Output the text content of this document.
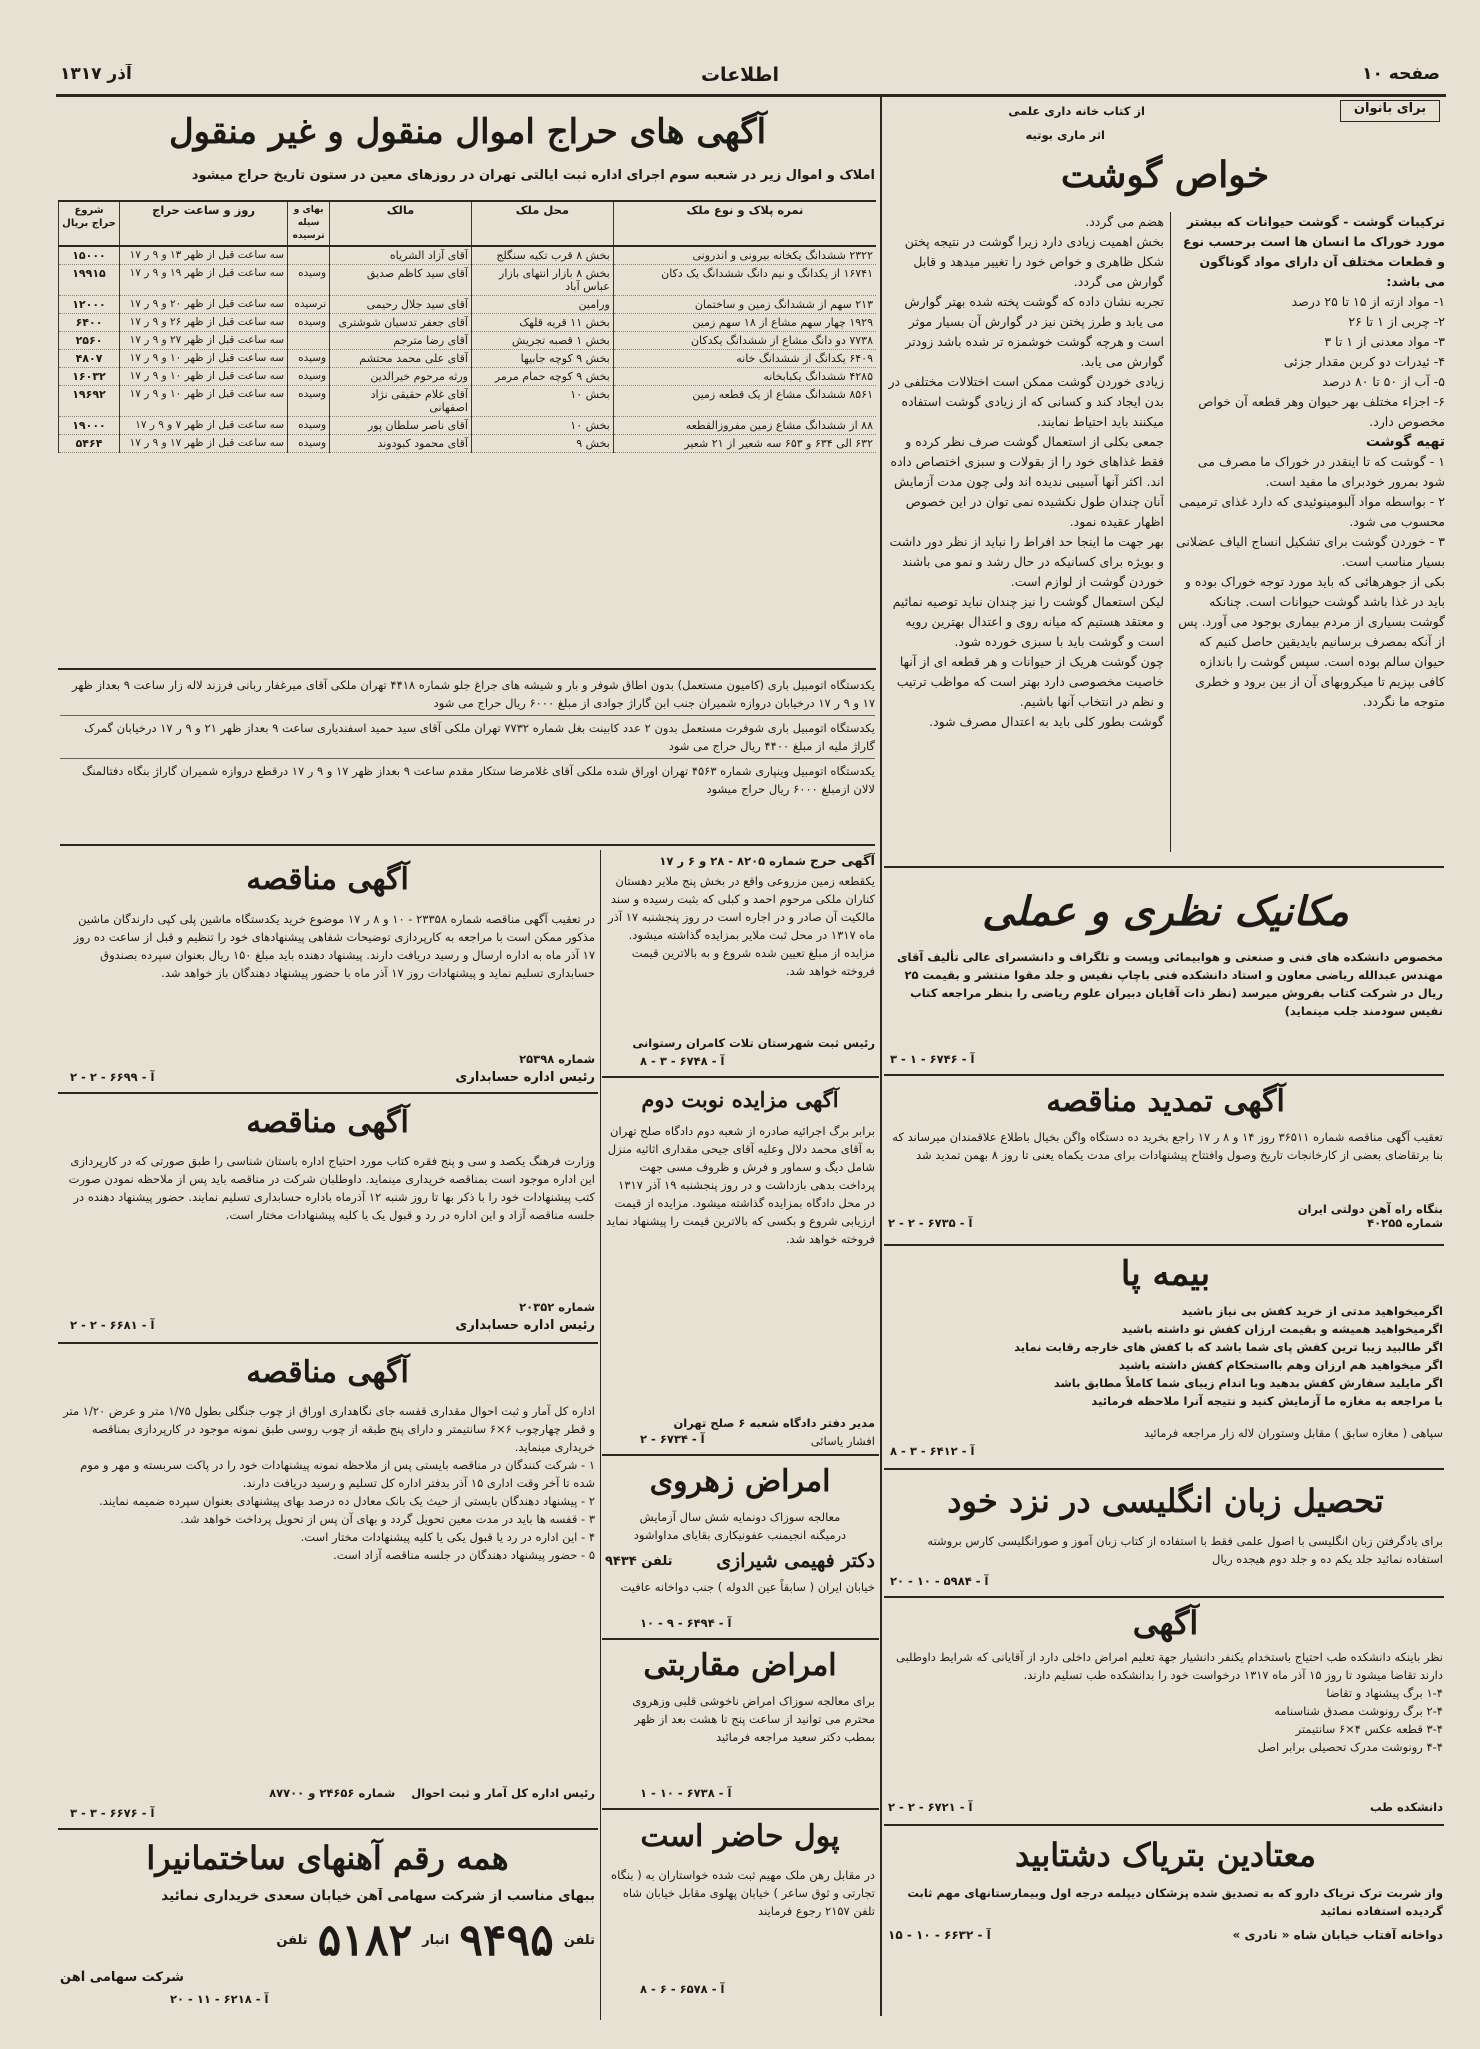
صفحه ۱۰
اطلاعات
آذر ۱۳۱۷
برای بانوان
از کتاب خانه داری علمی
اثر ماری بوتیه
خواص گوشت

ترکیبات گوشت - گوشت حیوانات که بیشتر مورد خوراک ما انسان ها است برحسب نوع و قطعات مختلف آن دارای مواد گوناگون می باشد:

۱- مواد ازته از ۱۵ تا ۲۵ درصد

۲- چربی از ۱ تا ۲۶

۳- مواد معدنی از ۱ تا ۳

۴- ئیدرات دو کربن مقدار جزئی

۵- آب از ۵۰ تا ۸۰ درصد

۶- اجزاء مختلف بهر حیوان وهر قطعه آن خواص مخصوص دارد.

تهیه گوشت

۱ - گوشت که تا اینقدر در خوراک ما مصرف می شود بمرور خودبرای ما مفید است.

۲ - بواسطه مواد آلبومینوئیدی که دارد غذای ترمیمی محسوب می شود.

۳ - خوردن گوشت برای تشکیل انساج الیاف عضلانی بسیار مناسب است.

بکی از جوهرهائی که باید مورد توجه خوراک بوده و باید در غذا باشد گوشت حیوانات است. چنانکه گوشت بسیاری از مردم بیماری بوجود می آورد. پس از آنکه بمصرف برسانیم بایدیقین حاصل کنیم که حیوان سالم بوده است. سپس گوشت را باندازه کافی بپزیم تا میکروبهای آن از بین برود و خطری متوجه ما نگردد.

هضم می گردد.

بخش اهمیت زیادی دارد زیرا گوشت در نتیجه پختن شکل ظاهری و خواص خود را تغییر میدهد و قابل گوارش می گردد.

تجربه نشان داده که گوشت پخته شده بهتر گوارش می یابد و طرز پختن نیز در گوارش آن بسیار موثر است و هرچه گوشت خوشمزه تر شده باشد زودتر گوارش می یابد.

زیادی خوردن گوشت ممکن است اختلالات مختلفی در بدن ایجاد کند و کسانی که از زیادی گوشت استفاده میکنند باید احتیاط نمایند.

جمعی بکلی از استعمال گوشت صرف نظر کرده و فقط غذاهای خود را از بقولات و سبزی اختصاص داده اند. اکثر آنها آسیبی ندیده اند ولی چون مدت آزمایش آنان چندان طول نکشیده نمی توان در این خصوص اظهار عقیده نمود.

بهر جهت ما اینجا حد افراط را نباید از نظر دور داشت و بویژه برای کسانیکه در حال رشد و نمو می باشند خوردن گوشت از لوازم است.

لیکن استعمال گوشت را نیز چندان نباید توصیه نمائیم و معتقد هستیم که میانه روی و اعتدال بهترین رویه است و گوشت باید با سبزی خورده شود.

چون گوشت هریک از حیوانات و هر قطعه ای از آنها خاصیت مخصوصی دارد بهتر است که مواظب ترتیب و نظم در انتخاب آنها باشیم.

گوشت بطور کلی باید به اعتدال مصرف شود.

آگهی های حراج اموال منقول و غیر منقول
املاک و اموال زیر در شعبه سوم اجرای اداره ثبت ایالتی تهران در روزهای معین در ستون تاریخ حراج میشود
نمره پلاک و نوع ملک	محل ملک	مالک	بهای و سیله ترسیده	روز و ساعت حراج	شروع حراج بریال
۲۳۲۲ ششدانگ یکخانه بیرونی و اندرونی	بخش ۸ قرب تکیه سنگلج	آقای آزاد الشریاه		سه ساعت قبل از ظهر ۱۳ و ۹ ر ۱۷	۱۵۰۰۰
۱۶۷۴۱ از یکدانگ و نیم دانگ ششدانگ یک دکان	بخش ۸ بازار انتهای بازار عباس آباد	آقای سید کاظم صدیق	وسیده	سه ساعت قبل از ظهر ۱۹ و ۹ ر ۱۷	۱۹۹۱۵
۲۱۳ سهم از ششدانگ زمین و ساختمان	ورامین	آقای سید جلال رحیمی	نرسیده	سه ساعت قبل از ظهر ۲۰ و ۹ ر ۱۷	۱۲۰۰۰
۱۹۲۹ چهار سهم مشاع از ۱۸ سهم زمین	بخش ۱۱ قریه قلهک	آقای جعفر تدسیان شوشتری	وسیده	سه ساعت قبل از ظهر ۲۶ و ۹ ر ۱۷	۶۴۰۰
۷۷۳۸ دو دانگ مشاع از ششدانگ یکدکان	بخش ۱ قصبه تجریش	آقای رضا مترجم		سه ساعت قبل از ظهر ۲۷ و ۹ ر ۱۷	۲۵۶۰
۶۴۰۹ یکدانگ از ششدانگ خانه	بخش ۹ کوچه جابیها	آقای علی محمد محتشم	وسیده	سه ساعت قبل از ظهر ۱۰ و ۹ ر ۱۷	۴۸۰۷
۴۲۸۵ ششدانگ یکبابخانه	بخش ۹ کوچه حمام مرمر	ورثه مرحوم خیرالدین	وسیده	سه ساعت قبل از ظهر ۱۰ و ۹ ر ۱۷	۱۶۰۳۲
۸۵۶۱ ششدانگ مشاع از یک قطعه زمین	بخش ۱۰	آقای غلام حقیقی نژاد اصفهانی	وسیده	سه ساعت قبل از ظهر ۱۰ و ۹ ر ۱۷	۱۹۶۹۲
۸۸ از ششدانگ مشاع زمین مفروزالقطعه	بخش ۱۰	آقای ناصر سلطان پور	وسیده	سه ساعت قبل از ظهر ۷ و ۹ ر ۱۷	۱۹۰۰۰
۶۳۲ الی ۶۳۴ و ۶۵۳ سه شعیر از ۲۱ شعیر	بخش ۹	آقای محمود کبودوند	وسیده	سه ساعت قبل از ظهر ۱۷ و ۹ ر ۱۷	۵۴۶۴

یکدستگاه اتومبیل باری (کامیون مستعمل) بدون اطاق شوفر و بار و شیشه های جراغ جلو شماره ۴۴۱۸ تهران ملکی آقای میرغفار ربانی فرزند لاله زار ساعت ۹ بعداز ظهر ۱۷ و ۹ ر ۱۷ درخیابان دروازه شمیران جنب ابن گاراژ جوادی از مبلغ ۶۰۰۰ ریال حراج می شود

یکدستگاه اتومبیل باری شوفرت مستعمل بدون ۲ عدد کابینت بغل شماره ۷۷۳۲ تهران ملکی آقای سید حمید اسفندیاری ساعت ۹ بعداز ظهر ۲۱ و ۹ ر ۱۷ درخیابان گمرک گاراژ ملیه از مبلغ ۴۴۰۰ ریال حراج می شود

یکدستگاه اتومبیل وینپاری شماره ۴۵۶۳ تهران اوراق شده ملکی آقای غلامرضا ستکار مقدم ساعت ۹ بعداز ظهر ۱۷ و ۹ ر ۱۷ درقطع دروازه شمیران گاراژ بنگاه دفتالمنگ لالان ازمبلغ ۶۰۰۰ ریال حراج میشود

آگهی مناقصه
در تعقیب آگهی مناقصه شماره ۲۳۳۵۸ - ۱۰ و ۸ ر ۱۷ موضوع خرید یکدستگاه ماشین پلی کپی دارندگان ماشین مذکور ممکن است با مراجعه به کارپردازی توضیحات شفاهی پیشنهادهای خود را تنظیم و قبل از ساعت ده روز ۱۷ آذر ماه به اداره ارسال و رسید دریافت دارند. پیشنهاد دهنده باید مبلغ ۱۵۰ ریال بعنوان سپرده بصندوق حسابداری تسلیم نماید و پیشنهادات روز ۱۷ آذر ماه با حضور پیشنهاد دهندگان باز خواهد شد.
شماره ۲۵۳۹۸
رئیس اداره حسابداری
آ - ۶۶۹۹ - ۲ - ۲
آگهی مناقصه
وزارت فرهنگ یکصد و سی و پنج فقره کتاب مورد احتیاج اداره باستان شناسی را طبق صورتی که در کارپردازی این اداره موجود است بمناقصه خریداری مینماید. داوطلبان شرکت در مناقصه باید پس از ملاحظه نمودن صورت کتب پیشنهادات خود را با ذکر بها تا روز شنبه ۱۲ آذرماه باداره حسابداری تسلیم نمایند. حضور پیشنهاد دهنده در جلسه مناقصه آزاد و این اداره در رد و قبول یک یا کلیه پیشنهادات مختار است.
شماره ۲۰۳۵۲
رئیس اداره حسابداری
آ - ۶۶۸۱ - ۲ - ۲
آگهی مناقصه

اداره کل آمار و ثبت احوال مقداری قفسه جای نگاهداری اوراق از چوب جنگلی بطول ۱/۷۵ متر و عرض ۱/۲۰ متر و قطر چهارچوب ۶×۶ سانتیمتر و دارای پنج طبقه از چوب روسی طبق نمونه موجود در کارپردازی بمناقصه خریداری مینماید.

۱ - شرکت کنندگان در مناقصه بایستی پس از ملاحظه نمونه پیشنهادات خود را در پاکت سربسته و مهر و موم شده تا آخر وقت اداری ۱۵ آذر بدفتر اداره کل تسلیم و رسید دریافت دارند.

۲ - پیشنهاد دهندگان بایستی از حیث یک بانک معادل ده درصد بهای پیشنهادی بعنوان سپرده ضمیمه نمایند.

۳ - قفسه ها باید در مدت معین تحویل گردد و بهای آن پس از تحویل پرداخت خواهد شد.

۴ - این اداره در رد یا قبول یکی یا کلیه پیشنهادات مختار است.

۵ - حضور پیشنهاد دهندگان در جلسه مناقصه آزاد است.

رئیس اداره کل آمار و ثبت احوال    شماره ۲۴۶۵۶ و ۸۷۷۰۰
آ - ۶۶۷۶ - ۳ - ۳
همه رقم آهنهای ساختمانیرا
ببهای مناسب از شرکت سهامی آهن خیابان سعدی خریداری نمائید
تلفن
۹۴۹۵
انبار
۵۱۸۲
تلفن
شرکت سهامی آهن
آ - ۶۲۱۸ - ۱۱ - ۲۰
آگهی حرج شماره ۸۲۰۵ - ۲۸ و ۶ ر ۱۷
یکقطعه زمین مزروعی واقع در بخش پنج ملایر دهستان کناران ملکی مرحوم احمد و کبلی که بثبت رسیده و سند مالکیت آن صادر و در اجاره است در روز پنجشنبه ۱۷ آذر ماه ۱۳۱۷ در محل ثبت ملایر بمزایده گذاشته میشود. مزایده از مبلغ تعیین شده شروع و به بالاترین قیمت فروخته خواهد شد.
رئیس ثبت شهرستان تلات کامران رستوانی
آ - ۶۷۴۸ - ۳ - ۸
آگهی مزایده نوبت دوم
برابر برگ اجرائیه صادره از شعبه دوم دادگاه صلح تهران به آقای محمد دلال وعلیه آقای جیحی مقداری اثاثیه منزل شامل دیگ و سماور و فرش و ظروف مسی جهت پرداخت بدهی بازداشت و در روز پنجشنبه ۱۹ آذر ۱۳۱۷ در محل دادگاه بمزایده گذاشته میشود. مزایده از قیمت ارزیابی شروع و بکسی که بالاترین قیمت را پیشنهاد نماید فروخته خواهد شد.
مدیر دفتر دادگاه شعبه ۶ صلح تهران
افشار یاسائی
آ - ۶۷۳۴ - ۲
امراض زهروی
معالجه سوزاک دونمایه شش سال آزمایش
درمیگنه انجیمنب عفونیکاری بقایای مداواشود
دکتر فهیمی شیرازی
تلفن ۹۴۳۴
خیابان ایران ( سابقاً عین الدوله ) جنب دواخانه عافیت
آ - ۶۴۹۴ - ۹ - ۱۰
امراض مقاربتی
برای معالجه سوزاک امراض ناخوشی قلبی وزهروی محترم می توانید از ساعت پنج تا هشت بعد از ظهر بمطب دکتر سعید مراجعه فرمائید
آ - ۶۷۳۸ - ۱۰ - ۱
پول حاضر است
در مقابل رهن ملک مهیم ثبت شده خواستاران به ( بنگاه تجارتی و ثوق ساعر ) خیابان پهلوی مقابل خیابان شاه تلفن ۲۱۵۷ رجوع فرمایند
آ - ۶۵۷۸ - ۶ - ۸
مکانیک نظری و عملی
مخصوص دانشکده های فنی و صنعتی و هوابیمائی وپست و تلگراف و دانشسرای عالی تألیف آقای مهندس عبدالله ریاضی معاون و استاد دانشکده فنی باچاپ نفیس و جلد مقوا منتشر و بقیمت ۲۵ ریال در شرکت کتاب بفروش میرسد (نظر ذات آقایان دبیران علوم ریاضی را بنظر مراجعه کتاب نفیس سودمند جلب مینماید)
آ - ۶۷۴۶ - ۱ - ۳
آگهی تمدید مناقصه
تعقیب آگهی مناقصه شماره ۳۶۵۱۱ روز ۱۴ و ۸ ر ۱۷ راجع بخرید ده دستگاه واگن بخیال باطلاع علاقمندان میرساند که بنا برتقاضای بعضی از کارخانجات تاریخ وصول وافتتاح پیشنهادات برای مدت یکماه یعنی تا روز ۸ بهمن تمدید شد
بنگاه راه آهن دولتی ایران
شماره ۴۰۲۵۵
آ - ۶۷۳۵ - ۲ - ۲
بیمه پا

اگرمیخواهید مدتی از خرید کفش بی نیاز باشید

اگرمیخواهید همیشه و بقیمت ارزان کفش نو داشته باشید

اگر طالبید زیبا ترین کفش پای شما باشد که با کفش های خارجه رقابت نماید

اگر میخواهید هم ارزان وهم بااستحکام کفش داشته باشید

اگر مایلید سفارش کفش بدهید وبا اندام زیبای شما کاملاً مطابق باشد

با مراجعه به مغازه ما آزمایش کنید و نتیجه آنرا ملاحظه فرمائید

سپاهی ( مغازه سابق ) مقابل وستوران لاله زار مراجعه فرمائید
آ - ۶۴۱۲ - ۳ - ۸
تحصیل زبان انگلیسی در نزد خود
برای یادگرفتن زبان انگلیسی با اصول علمی فقط با استفاده از کتاب زبان آموز و صورانگلیسی کارس بروشته استفاده نمائید جلد یکم ده و جلد دوم هیجده ریال
آ - ۵۹۸۴ - ۱۰ - ۲۰
آگهی

نظر باینکه دانشکده طب احتیاج باستخدام یکنفر دانشیار جهة تعلیم امراض داخلی دارد از آقایانی که شرایط داوطلبی دارند تقاضا میشود تا روز ۱۵ آذر ماه ۱۳۱۷ درخواست خود را بدانشکده طب تسلیم دارند.

۱-۴ برگ پیشنهاد و تقاضا

۲-۴ برگ رونوشت مصدق شناسنامه

۳-۴ قطعه عکس ۴×۶ سانتیمتر

۴-۴ رونوشت مدرک تحصیلی برابر اصل

دانشکده طب
آ - ۶۷۲۱ - ۲ - ۲
معتادین بتریاک دشتابید
واز شربت ترک تریاک دارو که به تصدیق شده پزشکان دیپلمه درجه اول وبیمارستانهای مهم ثابت گردیده استفاده نمائید
دواخانه آفتاب خیابان شاه « نادری »
آ - ۶۶۳۲ - ۱۰ - ۱۵
